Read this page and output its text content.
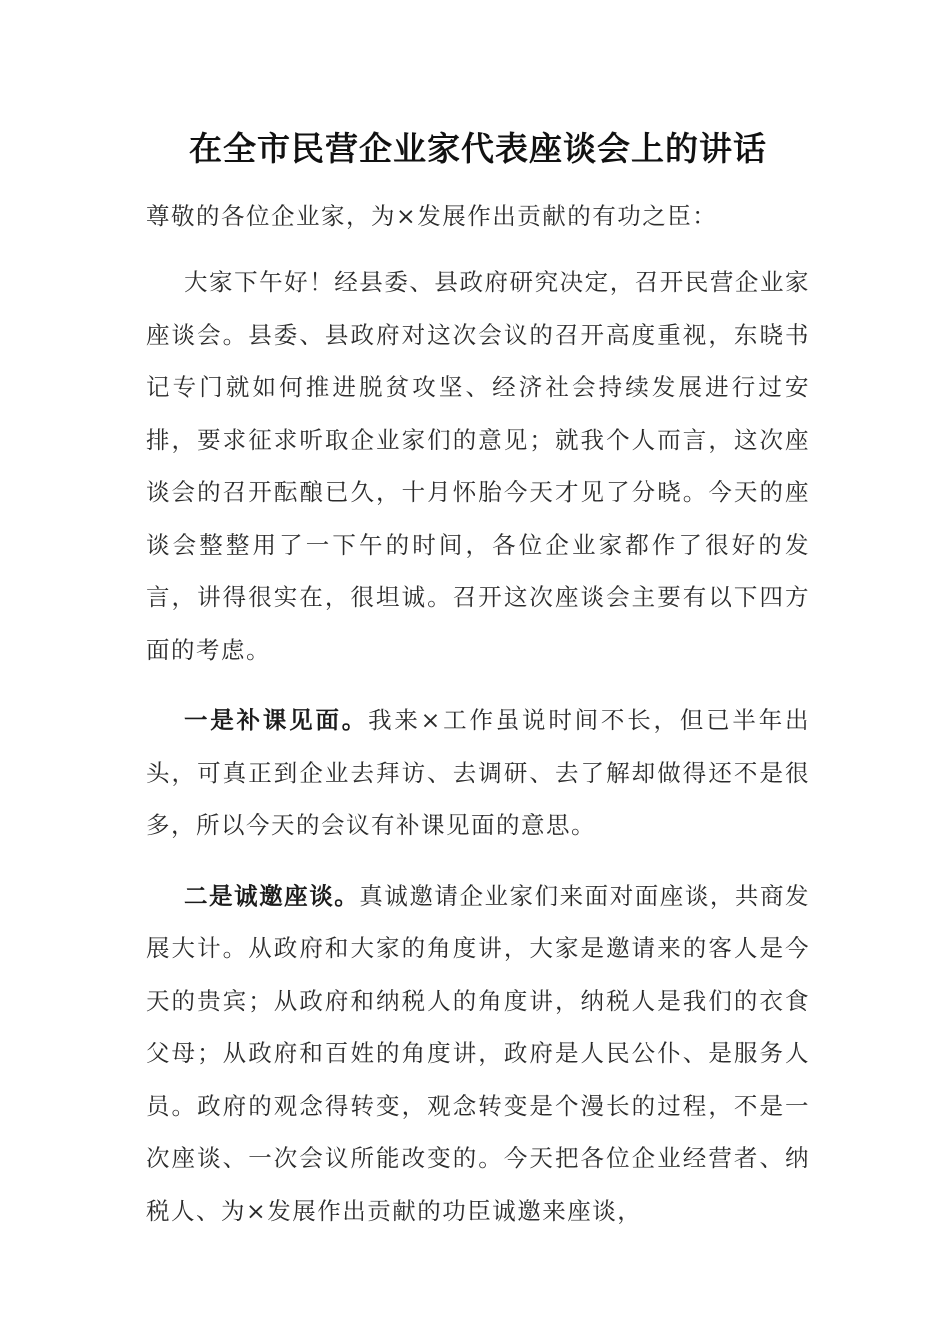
在全市民营企业家代表座谈会上的讲话

尊敬的各位企业家，为×发展作出贡献的有功之臣：

大家下午好！经县委、县政府研究决定，召开民营企业家座谈会。县委、县政府对这次会议的召开高度重视，东晓书记专门就如何推进脱贫攻坚、经济社会持续发展进行过安排，要求征求听取企业家们的意见；就我个人而言，这次座谈会的召开酝酿已久，十月怀胎今天才见了分晓。今天的座谈会整整用了一下午的时间，各位企业家都作了很好的发言，讲得很实在，很坦诚。召开这次座谈会主要有以下四方面的考虑。

一是补课见面。我来×工作虽说时间不长，但已半年出头，可真正到企业去拜访、去调研、去了解却做得还不是很多，所以今天的会议有补课见面的意思。

二是诚邀座谈。真诚邀请企业家们来面对面座谈，共商发展大计。从政府和大家的角度讲，大家是邀请来的客人是今天的贵宾；从政府和纳税人的角度讲，纳税人是我们的衣食父母；从政府和百姓的角度讲，政府是人民公仆、是服务人员。政府的观念得转变，观念转变是个漫长的过程，不是一次座谈、一次会议所能改变的。今天把各位企业经营者、纳税人、为×发展作出贡献的功臣诚邀来座谈，
